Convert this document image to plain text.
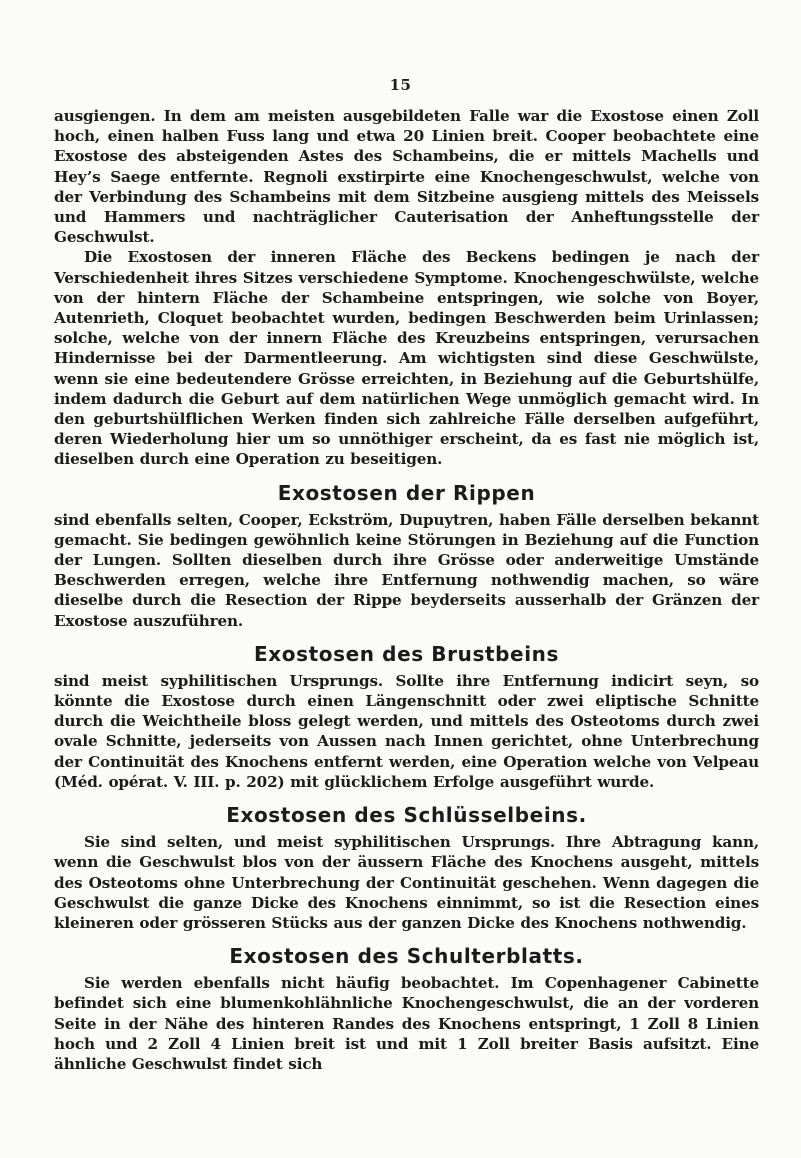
15

ausgiengen. In dem am meisten ausgebildeten Falle war die Exostose einen Zoll hoch, einen halben Fuss lang und etwa 20 Linien breit. Cooper beobachtete eine Exostose des absteigenden Astes des Schambeins, die er mittels Machells und Hey’s Saege entfernte. Regnoli exstirpirte eine Knochengeschwulst, welche von der Verbindung des Schambeins mit dem Sitzbeine ausgieng mittels des Meissels und Hammers und nachträglicher Cauterisation der Anheftungsstelle der Geschwulst.

Die Exostosen der inneren Fläche des Beckens bedingen je nach der Verschiedenheit ihres Sitzes verschiedene Symptome. Knochengeschwülste, welche von der hintern Fläche der Schambeine entspringen, wie solche von Boyer, Autenrieth, Cloquet beobachtet wurden, bedingen Beschwerden beim Urinlassen; solche, welche von der innern Fläche des Kreuzbeins entspringen, verursachen Hindernisse bei der Darmentleerung. Am wichtigsten sind diese Geschwülste, wenn sie eine bedeutendere Grösse erreichten, in Beziehung auf die Geburtshülfe, indem dadurch die Geburt auf dem natürlichen Wege unmöglich gemacht wird. In den geburtshülflichen Werken finden sich zahlreiche Fälle derselben aufgeführt, deren Wiederholung hier um so unnöthiger erscheint, da es fast nie möglich ist, dieselben durch eine Operation zu beseitigen.

Exostosen der Rippen

sind ebenfalls selten, Cooper, Eckström, Dupuytren, haben Fälle derselben bekannt gemacht. Sie bedingen gewöhnlich keine Störungen in Beziehung auf die Function der Lungen. Sollten dieselben durch ihre Grösse oder anderweitige Umstände Beschwerden erregen, welche ihre Entfernung nothwendig machen, so wäre dieselbe durch die Resection der Rippe beyderseits ausserhalb der Gränzen der Exostose auszuführen.

Exostosen des Brustbeins

sind meist syphilitischen Ursprungs. Sollte ihre Entfernung indicirt seyn, so könnte die Exostose durch einen Längenschnitt oder zwei eliptische Schnitte durch die Weichtheile bloss gelegt werden, und mittels des Osteotoms durch zwei ovale Schnitte, jederseits von Aussen nach Innen gerichtet, ohne Unterbrechung der Continuität des Knochens entfernt werden, eine Operation welche von Velpeau (Méd. opérat. V. III. p. 202) mit glücklichem Erfolge ausgeführt wurde.

Exostosen des Schlüsselbeins.

Sie sind selten, und meist syphilitischen Ursprungs. Ihre Abtragung kann, wenn die Geschwulst blos von der äussern Fläche des Knochens ausgeht, mittels des Osteotoms ohne Unterbrechung der Continuität geschehen. Wenn dagegen die Geschwulst die ganze Dicke des Knochens einnimmt, so ist die Resection eines kleineren oder grösseren Stücks aus der ganzen Dicke des Knochens nothwendig.

Exostosen des Schulterblatts.

Sie werden ebenfalls nicht häufig beobachtet. Im Copenhagener Cabinette befindet sich eine blumenkohlähnliche Knochengeschwulst, die an der vorderen Seite in der Nähe des hinteren Randes des Knochens entspringt, 1 Zoll 8 Linien hoch und 2 Zoll 4 Linien breit ist und mit 1 Zoll breiter Basis aufsitzt. Eine ähnliche Geschwulst findet sich
